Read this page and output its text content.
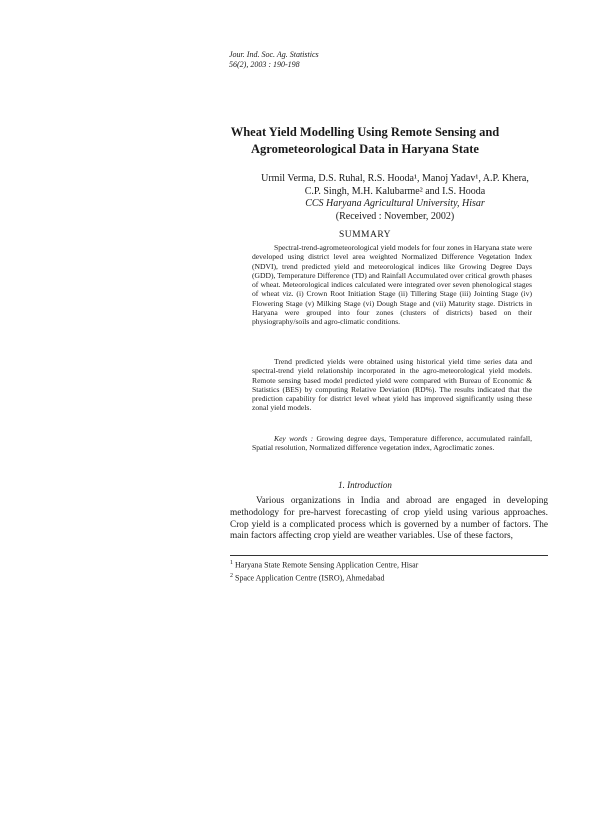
Jour. Ind. Soc. Ag. Statistics
56(2), 2003 : 190-198
Wheat Yield Modelling Using Remote Sensing and
Agrometeorological Data in Haryana State
Urmil Verma, D.S. Ruhal, R.S. Hooda¹, Manoj Yadav¹, A.P. Khera,
C.P. Singh, M.H. Kalubarme² and I.S. Hooda
CCS Haryana Agricultural University, Hisar
(Received : November, 2002)
SUMMARY

Spectral-trend-agrometeorological yield models for four zones in Haryana state were developed using district level area weighted Normalized Difference Vegetation Index (NDVI), trend predicted yield and meteorological indices like Growing Degree Days (GDD), Temperature Difference (TD) and Rainfall Accumulated over critical growth phases of wheat. Meteorological indices calculated were integrated over seven phenological stages of wheat viz. (i) Crown Root Initiation Stage (ii) Tillering Stage (iii) Jointing Stage (iv) Flowering Stage (v) Milking Stage (vi) Dough Stage and (vii) Maturity stage. Districts in Haryana were grouped into four zones (clusters of districts) based on their physiography/soils and agro-climatic conditions.

Trend predicted yields were obtained using historical yield time series data and spectral-trend yield relationship incorporated in the agro-meteorological yield models. Remote sensing based model predicted yield were compared with Bureau of Economic & Statistics (BES) by computing Relative Deviation (RD%). The results indicated that the prediction capability for district level wheat yield has improved significantly using these zonal yield models.

Key words : Growing degree days, Temperature difference, accumulated rainfall, Spatial resolution, Normalized difference vegetation index, Agroclimatic zones.

1. Introduction

Various organizations in India and abroad are engaged in developing methodology for pre-harvest forecasting of crop yield using various approaches. Crop yield is a complicated process which is governed by a number of factors. The main factors affecting crop yield are weather variables. Use of these factors,

$^1$ Haryana State Remote Sensing Application Centre, Hisar
$^2$ Space Application Centre (ISRO), Ahmedabad
